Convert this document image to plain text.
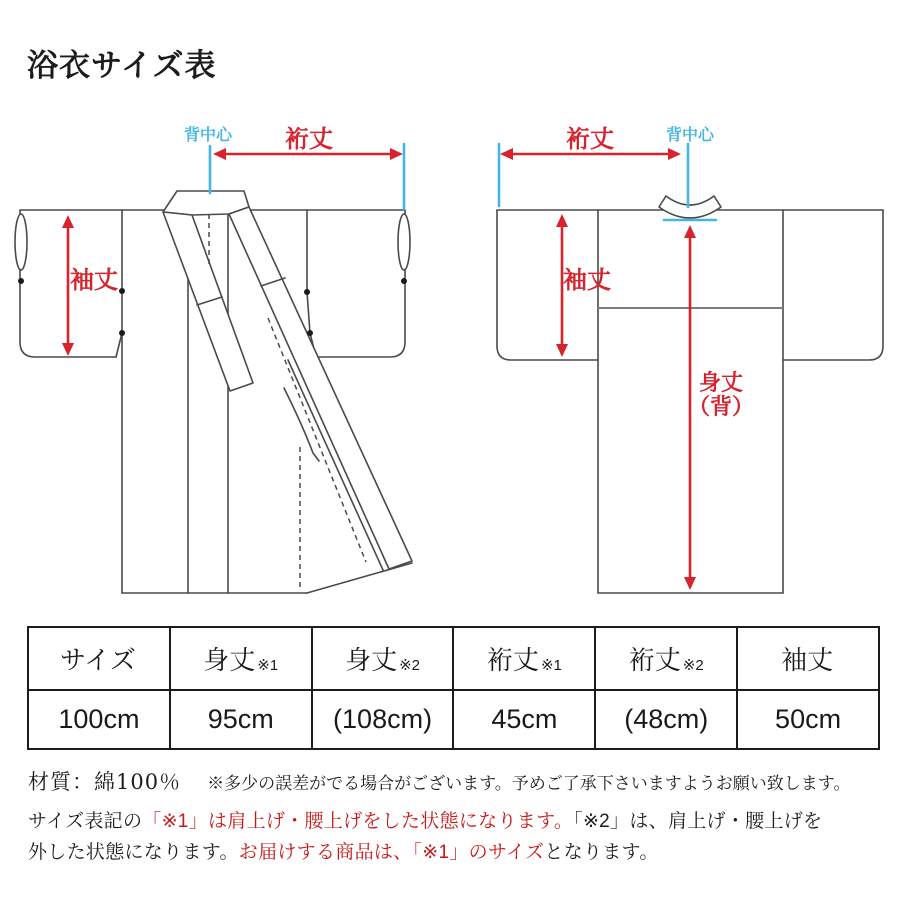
浴衣サイズ表
背中心 裄丈
袖丈
背中心
裄丈
袖丈
身丈
（背）
サイズ	身丈 ※1	身丈 ※2	裄丈 ※1	裄丈 ※2	袖丈
100cm	95cm	(108cm)	45cm	(48cm)	50cm
材質：綿100％ ※多少の誤差がでる場合がございます。予めご了承下さいますようお願い致します。

サイズ表記の「※1」は肩上げ・腰上げをした状態になります。「※2」は、肩上げ・腰上げを

外した状態になります。お届けする商品は、「※1」のサイズとなります。
